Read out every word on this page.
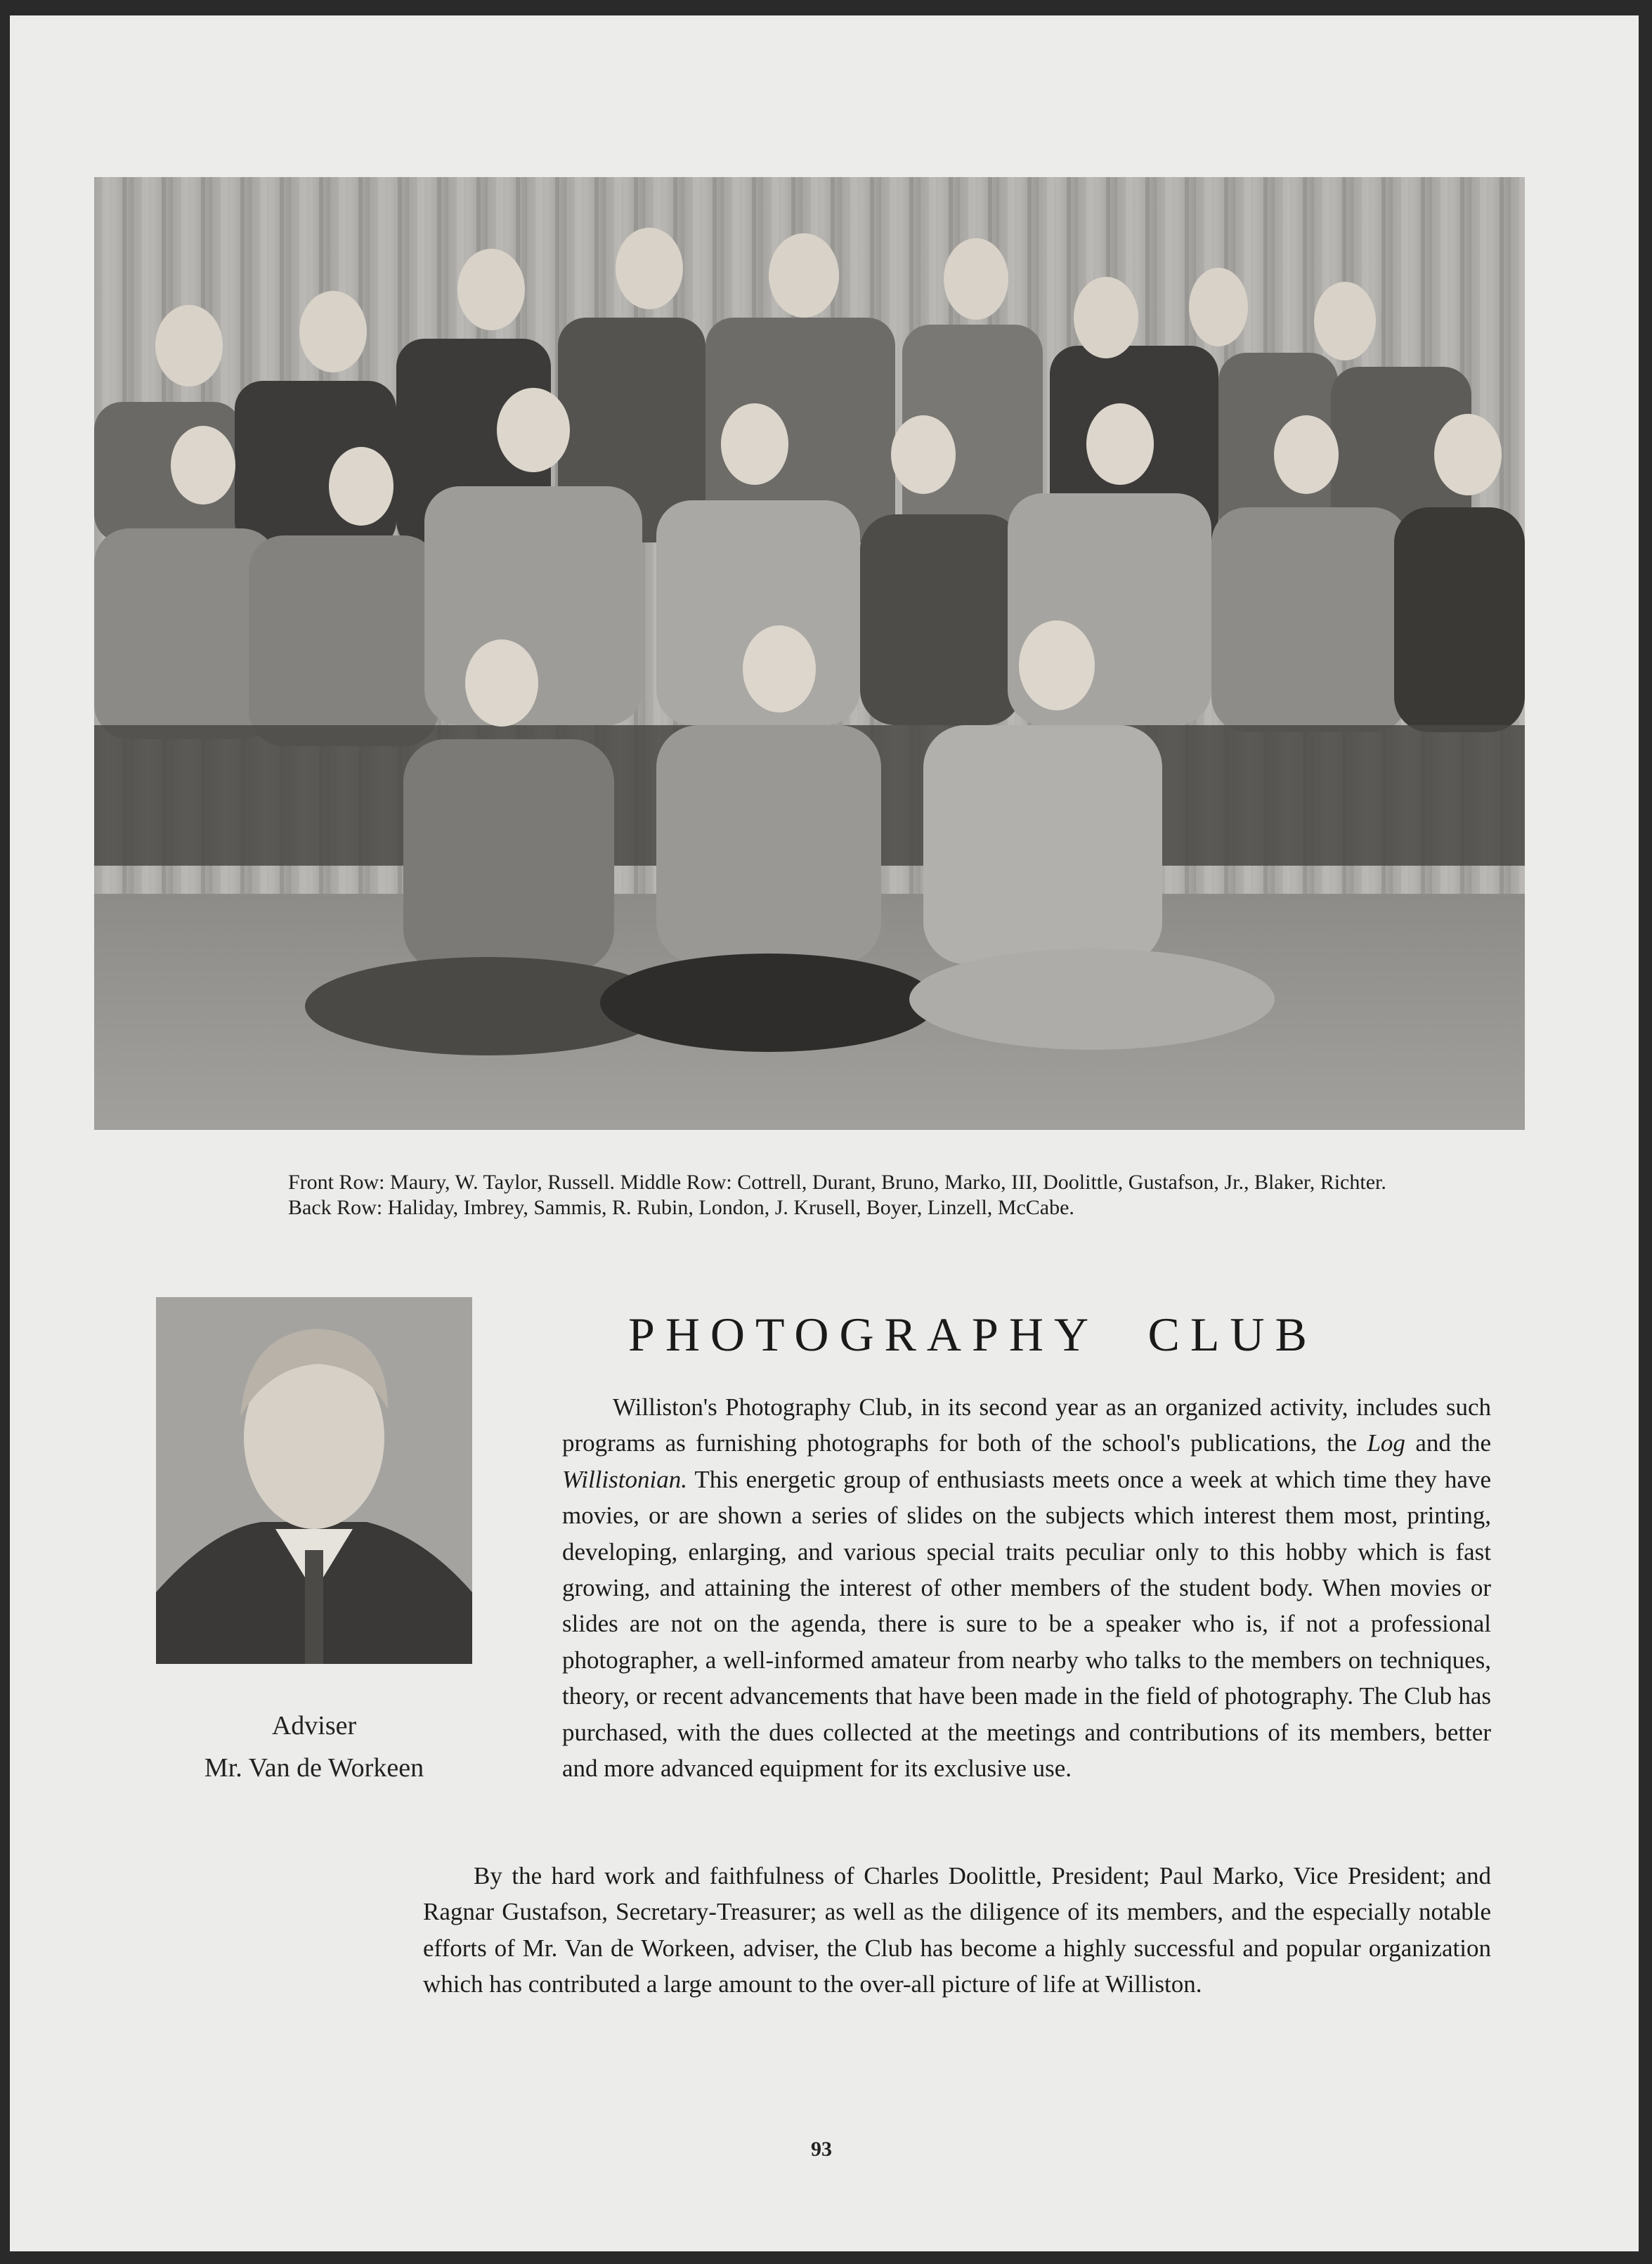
Front Row: Maury, W. Taylor, Russell. Middle Row: Cottrell, Durant, Bruno, Marko, III, Doolittle, Gustafson, Jr., Blaker, Richter. Back Row: Haliday, Imbrey, Sammis, R. Rubin, London, J. Krusell, Boyer, Linzell, McCabe.

Adviser
Mr. Van de Workeen
PHOTOGRAPHY CLUB

Williston's Photography Club, in its second year as an organized activity, includes such programs as furnishing photographs for both of the school's publications, the Log and the Willistonian. This energetic group of enthusiasts meets once a week at which time they have movies, or are shown a series of slides on the subjects which interest them most, printing, developing, enlarging, and various special traits peculiar only to this hobby which is fast growing, and attaining the interest of other members of the student body. When movies or slides are not on the agenda, there is sure to be a speaker who is, if not a professional photographer, a well-informed amateur from nearby who talks to the members on techniques, theory, or recent advancements that have been made in the field of photography. The Club has purchased, with the dues collected at the meetings and contributions of its members, better and more advanced equipment for its exclusive use.

By the hard work and faithfulness of Charles Doolittle, President; Paul Marko, Vice President; and Ragnar Gustafson, Secretary-Treasurer; as well as the diligence of its members, and the especially notable efforts of Mr. Van de Workeen, adviser, the Club has become a highly successful and popular organization which has contributed a large amount to the over-all picture of life at Williston.

93
